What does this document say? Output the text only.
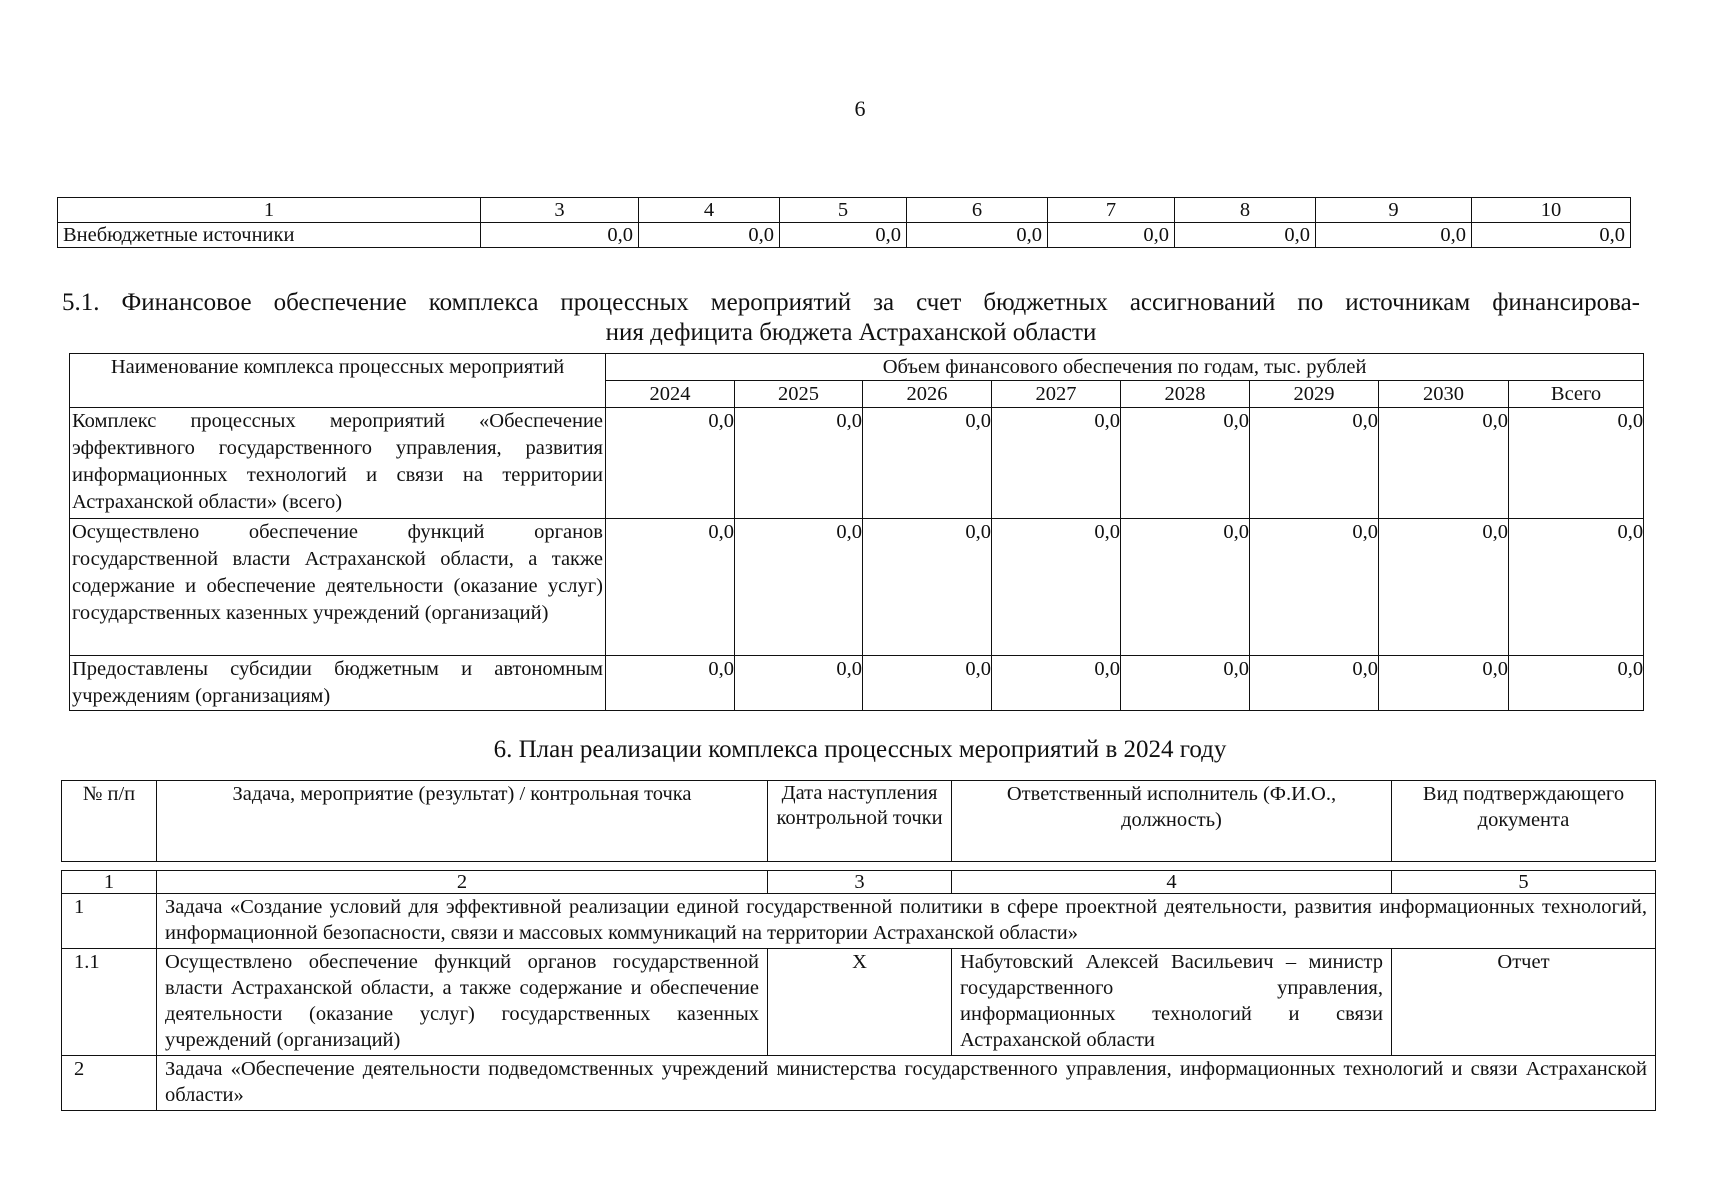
6
1	3	4	5	6	7	8	9	10
Внебюджетные источники	0,0	0,0	0,0	0,0	0,0	0,0	0,0	0,0
5.1. Финансовое обеспечение комплекса процессных мероприятий за счет бюджетных ассигнований по источникам финансирова-
ния дефицита бюджета Астраханской области
Наименование комплекса процессных мероприятий	Объем финансового обеспечения по годам, тыс. рублей							
	2024	2025	2026	2027	2028	2029	2030	Всего
Комплекс процессных мероприятий «Обеспечение эффективного государственного управления, развития информационных технологий и связи на территории Астраханской области» (всего)	0,0	0,0	0,0	0,0	0,0	0,0	0,0	0,0
Осуществлено обеспечение функций органов государственной власти Астраханской области, а также содержание и обеспечение деятельности (оказание услуг) государственных казенных учреждений (организаций)	0,0	0,0	0,0	0,0	0,0	0,0	0,0	0,0
Предоставлены субсидии бюджетным и автономным учреждениям (организациям)	0,0	0,0	0,0	0,0	0,0	0,0	0,0	0,0
6. План реализации комплекса процессных мероприятий в 2024 году
№ п/п	Задача, мероприятие (результат) / контрольная точка	Дата наступления контрольной точки	Ответственный исполнитель (Ф.И.О., должность)	Вид подтверждающего документа
1	2	3	4	5
1	Задача «Создание условий для эффективной реализации единой государственной политики в сфере проектной деятельности, развития информационных технологий, информационной безопасности, связи и массовых коммуникаций на территории Астраханской области»			
1.1	Осуществлено обеспечение функций органов государственной власти Астраханской области, а также содержание и обеспечение деятельности (оказание услуг) государственных казенных учреждений (организаций)	X	Набутовский Алексей Васильевич – министр государственного управления, информационных технологий и связи Астраханской области	Отчет
2	Задача «Обеспечение деятельности подведомственных учреждений министерства государственного управления, информационных технологий и связи Астраханской области»			
